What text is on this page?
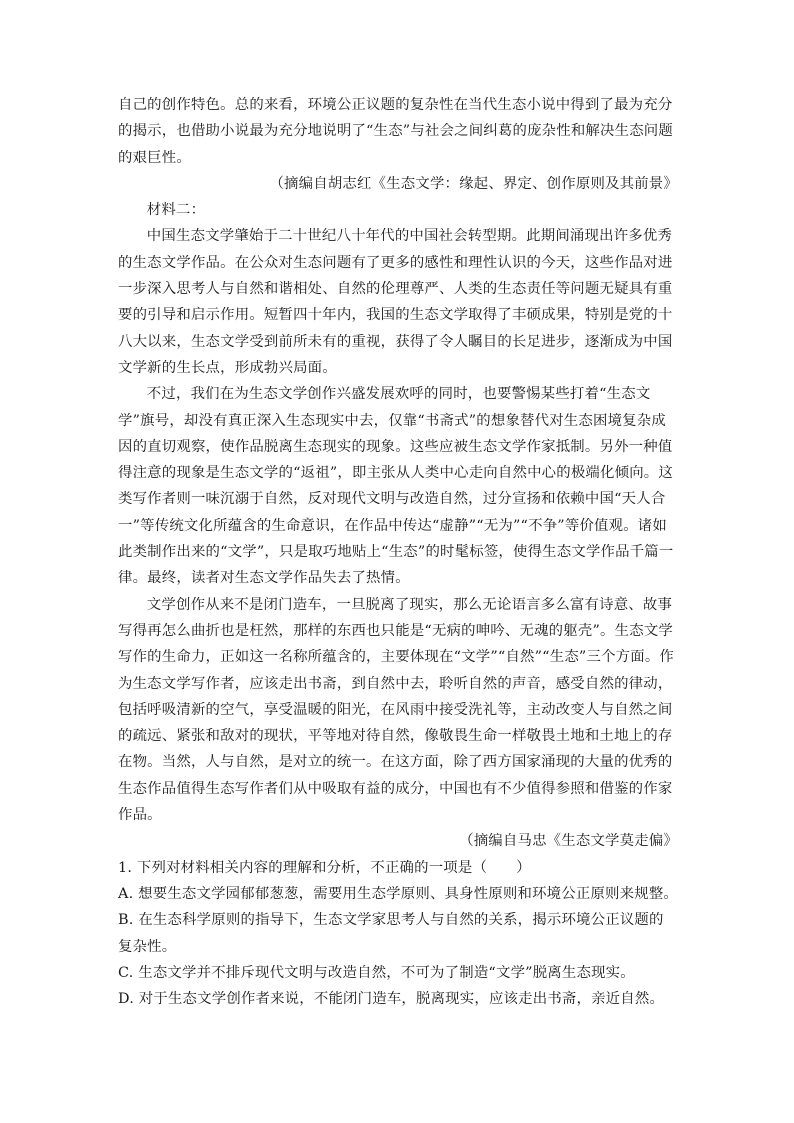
自己的创作特色。总的来看，环境公正议题的复杂性在当代生态小说中得到了最为充分的揭示，也借助小说最为充分地说明了“生态”与社会之间纠葛的庞杂性和解决生态问题的艰巨性。

（摘编自胡志红《生态文学：缘起、界定、创作原则及其前景》

材料二：

中国生态文学肇始于二十世纪八十年代的中国社会转型期。此期间涌现出许多优秀的生态文学作品。在公众对生态问题有了更多的感性和理性认识的今天，这些作品对进一步深入思考人与自然和谐相处、自然的伦理尊严、人类的生态责任等问题无疑具有重要的引导和启示作用。短暂四十年内，我国的生态文学取得了丰硕成果，特别是党的十八大以来，生态文学受到前所未有的重视，获得了令人瞩目的长足进步，逐渐成为中国文学新的生长点，形成勃兴局面。

不过，我们在为生态文学创作兴盛发展欢呼的同时，也要警惕某些打着“生态文学”旗号，却没有真正深入生态现实中去，仅靠“书斋式”的想象替代对生态困境复杂成因的直切观察，使作品脱离生态现实的现象。这些应被生态文学作家抵制。另外一种值得注意的现象是生态文学的“返祖”，即主张从人类中心走向自然中心的极端化倾向。这类写作者则一味沉溺于自然，反对现代文明与改造自然，过分宣扬和依赖中国“天人合一”等传统文化所蕴含的生命意识，在作品中传达“虚静”“无为”“不争”等价值观。诸如此类制作出来的“文学”，只是取巧地贴上“生态”的时髦标签，使得生态文学作品千篇一律。最终，读者对生态文学作品失去了热情。

文学创作从来不是闭门造车，一旦脱离了现实，那么无论语言多么富有诗意、故事写得再怎么曲折也是枉然，那样的东西也只能是“无病的呻吟、无魂的躯壳”。生态文学写作的生命力，正如这一名称所蕴含的，主要体现在“文学”“自然”“生态”三个方面。作为生态文学写作者，应该走出书斋，到自然中去，聆听自然的声音，感受自然的律动，包括呼吸清新的空气，享受温暖的阳光，在风雨中接受洗礼等，主动改变人与自然之间的疏远、紧张和敌对的现状，平等地对待自然，像敬畏生命一样敬畏土地和土地上的存在物。当然，人与自然，是对立的统一。在这方面，除了西方国家涌现的大量的优秀的生态作品值得生态写作者们从中吸取有益的成分，中国也有不少值得参照和借鉴的作家作品。

（摘编自马忠《生态文学莫走偏》

1. 下列对材料相关内容的理解和分析，不正确的一项是（　　）

A. 想要生态文学园郁郁葱葱，需要用生态学原则、具身性原则和环境公正原则来规整。

B. 在生态科学原则的指导下，生态文学家思考人与自然的关系，揭示环境公正议题的复杂性。

C. 生态文学并不排斥现代文明与改造自然，不可为了制造“文学”脱离生态现实。

D. 对于生态文学创作者来说，不能闭门造车，脱离现实，应该走出书斋，亲近自然。
